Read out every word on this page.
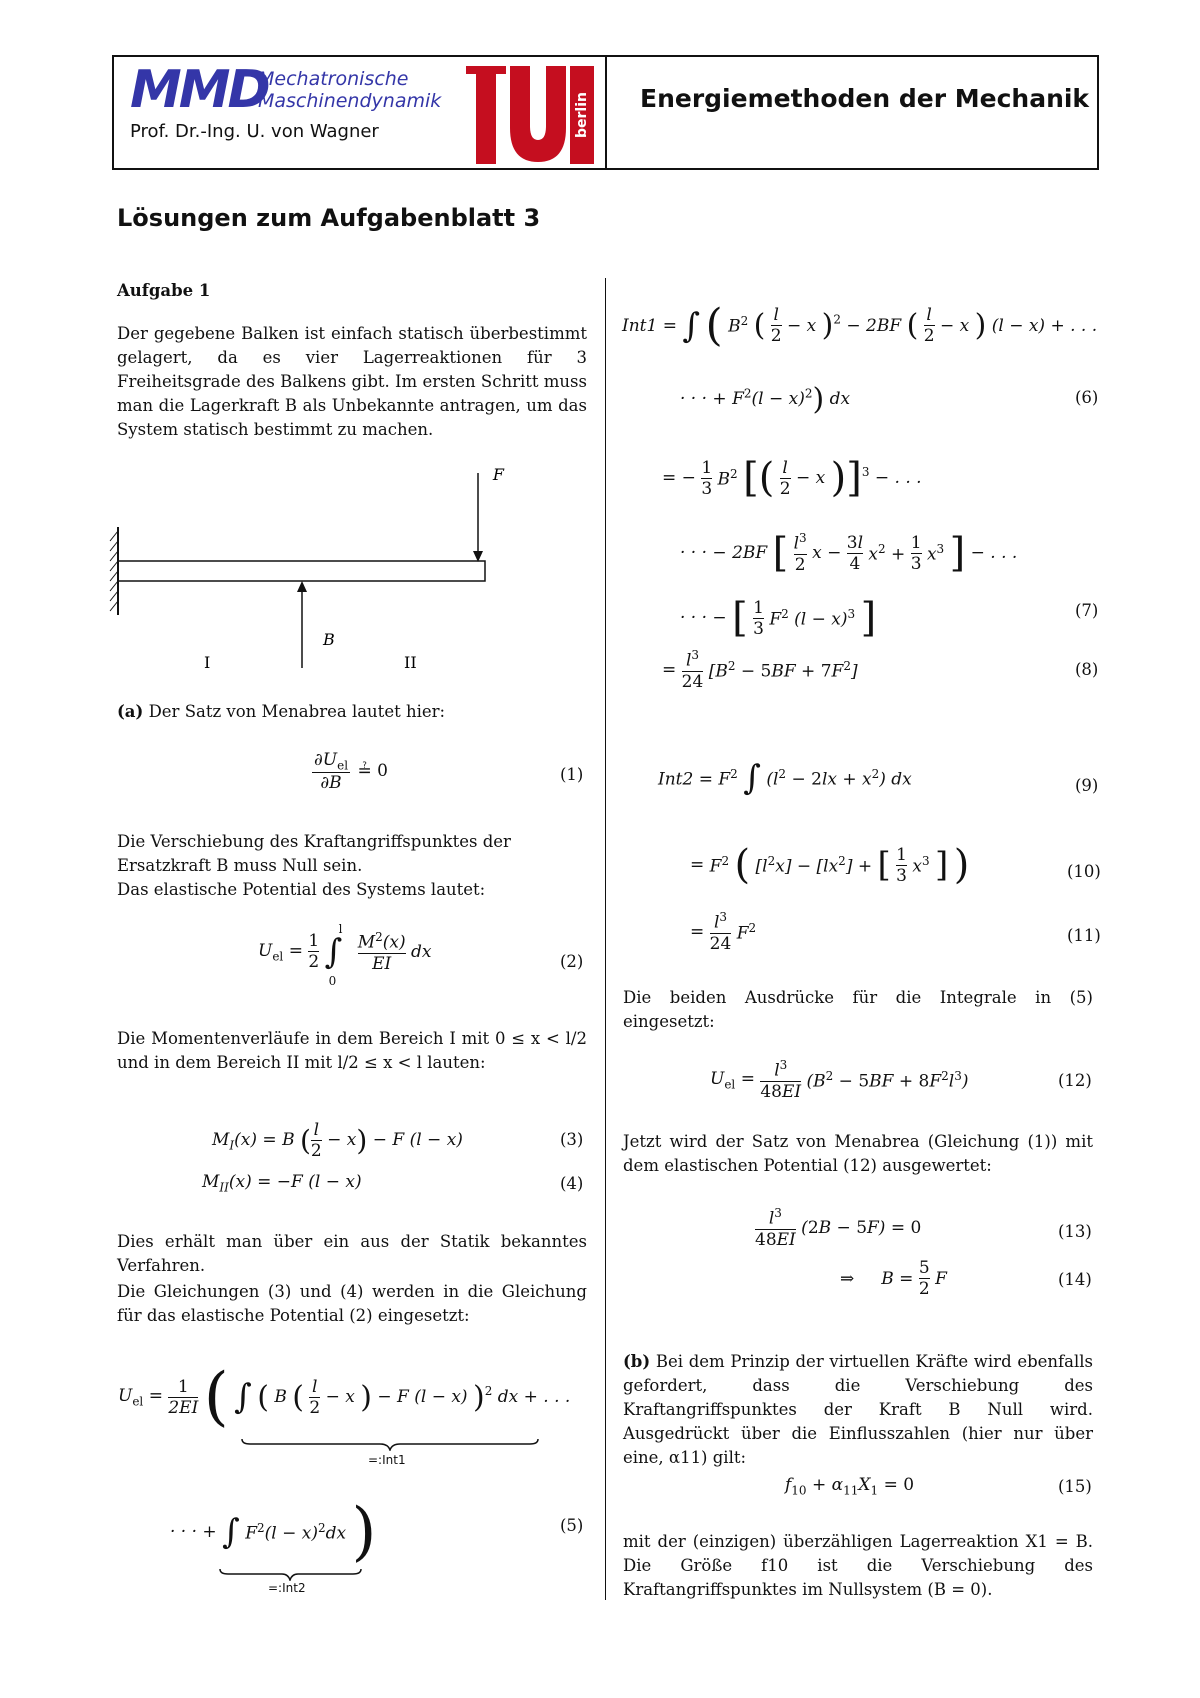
MMD
Mechatronische
Maschinendynamik
Prof. Dr.-Ing. U. von Wagner	berlin Energiemethoden der Mechanik
Lösungen zum Aufgabenblatt 3
Aufgabe 1
Der gegebene Balken ist einfach statisch überbestimmt gelagert, da es vier Lagerreaktionen für 3 Freiheitsgrade des Balkens gibt. Im ersten Schritt muss man die Lagerkraft B als Unbekannte antragen, um das System statisch bestimmt zu machen.
F
B
I	II
(a) Der Satz von Menabrea lautet hier:
$\partial U_{el}$
∂B
≟ 0	(1)
Die Verschiebung des Kraftangriffspunktes der Ersatzkraft B muss Null sein.
Das elastische Potential des Systems lautet:
$U_{el} = \frac{1}{2}$ ∫
l
0

$\frac{M^2(x)}{EI}$ dx	(2)
Die Momentenverläufe in dem Bereich I mit 0 ≤ x < l/2 und in dem Bereich II mit l/2 ≤ x < l lauten:
$M_I(x) = B$ ( $\frac{l}{2} - x) - F$ (l − x)	(3)
$M_{II}(x) = -F$ (l − x)	(4)
Dies erhält man über ein aus der Statik bekanntes Verfahren.
Die Gleichungen (3) und (4) werden in die Gleichung für das elastische Potential (2) eingesetzt:
$U_{el} = \frac{1}{2EI}$ ( ∫ ( B ( $\frac{l}{2} - x$ ) − F (l − x) )$^2$ dx + . . .
=:Int1
· · · + ∫ $F^2(l - x)^2dx$ )	(5)
=:Int2
Int1 = ∫ ( $B^2$ ( $\frac{l}{2} - x$ )$^2$ − 2BF ( $\frac{l}{2} - x$ ) (l − x) + . . .
· · · + $F^2(l - x)^2$) dx	(6)
= − $\frac{1}{3} B^2$ [( $\frac{l}{2} - x$ )]$^3$ − . . .
· · · − 2BF [ $\frac{l^3}{2}$ $x - \frac{3l}{4} x^2 + \frac{1}{3} x^3$ ] − . . .
· · · − [ $\frac{1}{3} F^2$ $(l - x)^3$ ]	(7)
= $\frac{l^3}{24} [B^2 - 5BF + 7F^2]$	(8)
$Int2 = F^2$ ∫ $(l^2 - 2lx + x^2)$ dx	(9)
= $F^2$ ( $[l^2x] - [lx^2]$ + [ $\frac{1}{3} x^3$ ] )	(10)
= $\frac{l^3}{24} F^2$	(11)
Die beiden Ausdrücke für die Integrale in (5) eingesetzt:
$U_{el} = \frac{l^3}{48EI} (B^2 - 5BF + 8F^2l^3)$	(12)
Jetzt wird der Satz von Menabrea (Gleichung (1)) mit dem elastischen Potential (12) ausgewertet:
$\frac{l^3}{48EI} (2B - 5F) = 0$	(13)
⇒     $B = \frac{5}{2}$ F	(14)
(b) Bei dem Prinzip der virtuellen Kräfte wird ebenfalls gefordert, dass die Verschiebung des Kraftangriffspunktes der Kraft B Null wird. Ausgedrückt über die Einflusszahlen (hier nur über eine, α11) gilt:
$f_{10} + \alpha_{11}X_1 = 0$	(15)
mit der (einzigen) überzähligen Lagerreaktion X1 = B. Die Größe f10 ist die Verschiebung des Kraftangriffspunktes im Nullsystem (B = 0).
